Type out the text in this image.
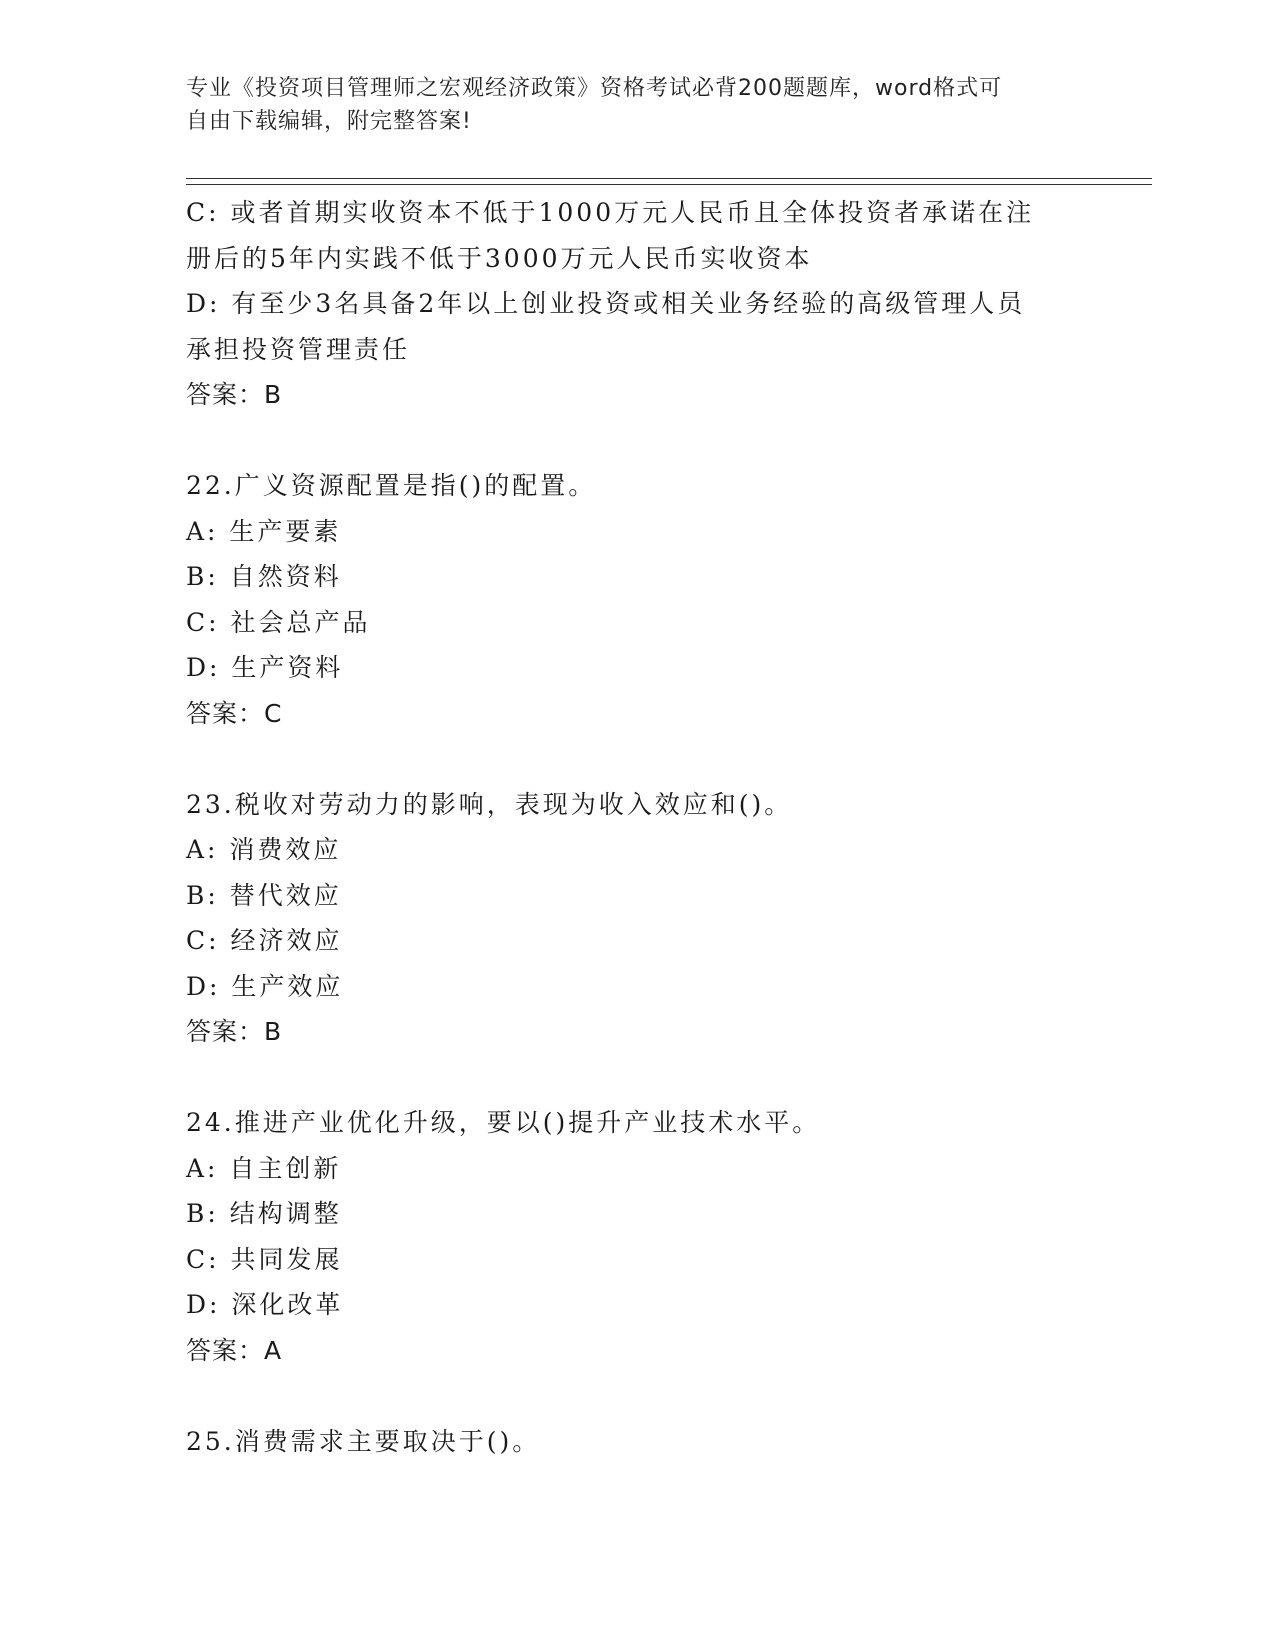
专业《投资项目管理师之宏观经济政策》资格考试必背200题题库，word格式可
自由下载编辑，附完整答案!
C: 或者首期实收资本不低于1000万元人民币且全体投资者承诺在注
册后的5年内实践不低于3000万元人民币实收资本
D: 有至少3名具备2年以上创业投资或相关业务经验的高级管理人员
承担投资管理责任
答案：B
22.广义资源配置是指()的配置。
A: 生产要素
B: 自然资料
C: 社会总产品
D: 生产资料
答案：C
23.税收对劳动力的影响，表现为收入效应和()。
A: 消费效应
B: 替代效应
C: 经济效应
D: 生产效应
答案：B
24.推进产业优化升级，要以()提升产业技术水平。
A: 自主创新
B: 结构调整
C: 共同发展
D: 深化改革
答案：A
25.消费需求主要取决于()。
